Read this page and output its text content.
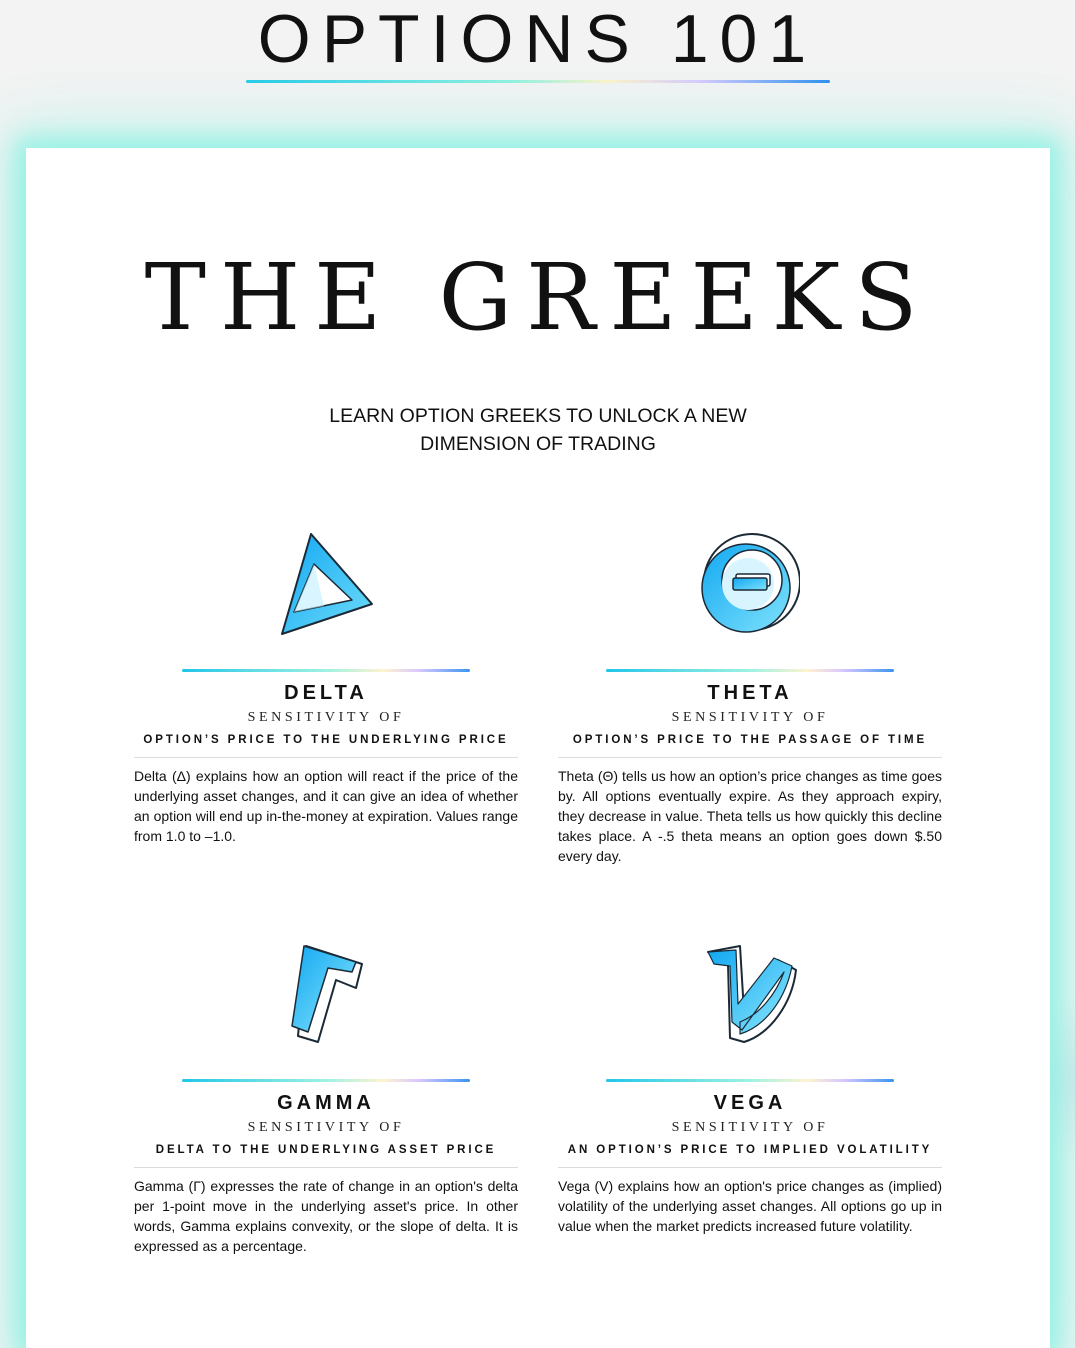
OPTIONS 101
THE GREEKS
LEARN OPTION GREEKS TO UNLOCK A NEW DIMENSION OF TRADING
DELTA
SENSITIVITY OF
OPTION’S PRICE TO THE UNDERLYING PRICE
Delta (Δ) explains how an option will react if the price of the underlying asset changes, and it can give an idea of whether an option will end up in-the-money at expiration. Values range from 1.0 to –1.0.
THETA
SENSITIVITY OF
OPTION’S PRICE TO THE PASSAGE OF TIME
Theta (Θ) tells us how an option’s price changes as time goes by. All options eventually expire. As they approach expiry, they decrease in value. Theta tells us how quickly this decline takes place. A -.5 theta means an option goes down $.50 every day.
GAMMA
SENSITIVITY OF
DELTA TO THE UNDERLYING ASSET PRICE
Gamma (Γ) expresses the rate of change in an option's delta per 1-point move in the underlying asset's price. In other words, Gamma explains convexity, or the slope of delta. It is expressed as a percentage.
VEGA
SENSITIVITY OF
AN OPTION’S PRICE TO IMPLIED VOLATILITY
Vega (V) explains how an option's price changes as (implied) volatility of the underlying asset changes. All options go up in value when the market predicts increased future volatility.
